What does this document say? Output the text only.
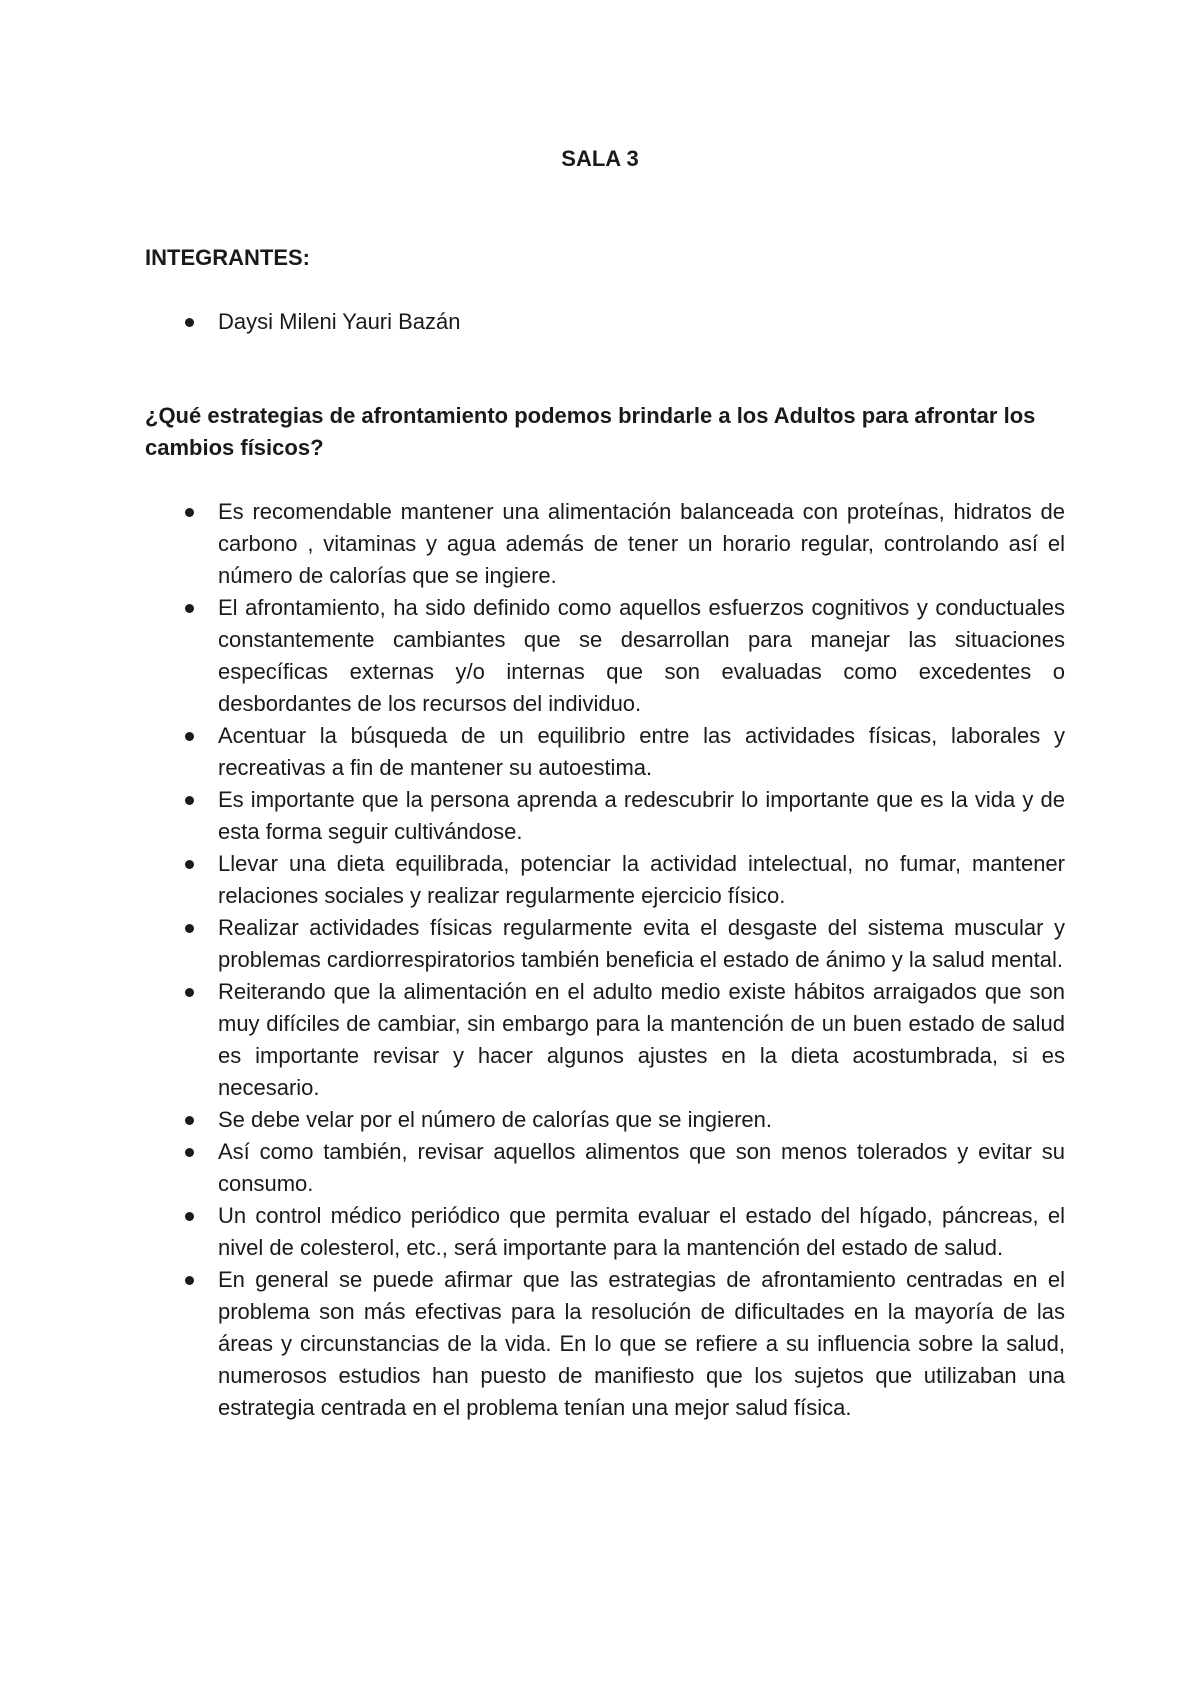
SALA 3
INTEGRANTES:
Daysi Mileni Yauri Bazán
¿Qué estrategias de afrontamiento podemos brindarle a los Adultos para afrontar los cambios físicos?
Es recomendable mantener una alimentación balanceada con proteínas, hidratos de carbono , vitaminas y agua además de tener un horario regular, controlando así el número de calorías que se ingiere.
El afrontamiento, ha sido definido como aquellos esfuerzos cognitivos y conductuales constantemente cambiantes que se desarrollan para manejar las situaciones específicas externas y/o internas que son evaluadas como excedentes o desbordantes de los recursos del individuo.
Acentuar la búsqueda de un equilibrio entre las actividades físicas, laborales y recreativas a fin de mantener su autoestima.
Es importante que la persona aprenda a redescubrir lo importante que es la vida y de esta forma seguir cultivándose.
Llevar una dieta equilibrada, potenciar la actividad intelectual, no fumar, mantener relaciones sociales y realizar regularmente ejercicio físico.
Realizar actividades físicas regularmente evita el desgaste del sistema muscular y problemas cardiorrespiratorios también beneficia el estado de ánimo y la salud mental.
Reiterando que la alimentación en el adulto medio existe hábitos arraigados que son muy difíciles de cambiar, sin embargo para la mantención de un buen estado de salud es importante revisar y hacer algunos ajustes en la dieta acostumbrada, si es necesario.
Se debe velar por el número de calorías que se ingieren.
Así como también, revisar aquellos alimentos que son menos tolerados y evitar su consumo.
Un control médico periódico que permita evaluar el estado del hígado, páncreas, el nivel de colesterol, etc., será importante para la mantención del estado de salud.
En general se puede afirmar que las estrategias de afrontamiento centradas en el problema son más efectivas para la resolución de dificultades en la mayoría de las áreas y circunstancias de la vida. En lo que se refiere a su influencia sobre la salud, numerosos estudios han puesto de manifiesto que los sujetos que utilizaban una estrategia centrada en el problema tenían una mejor salud física.
